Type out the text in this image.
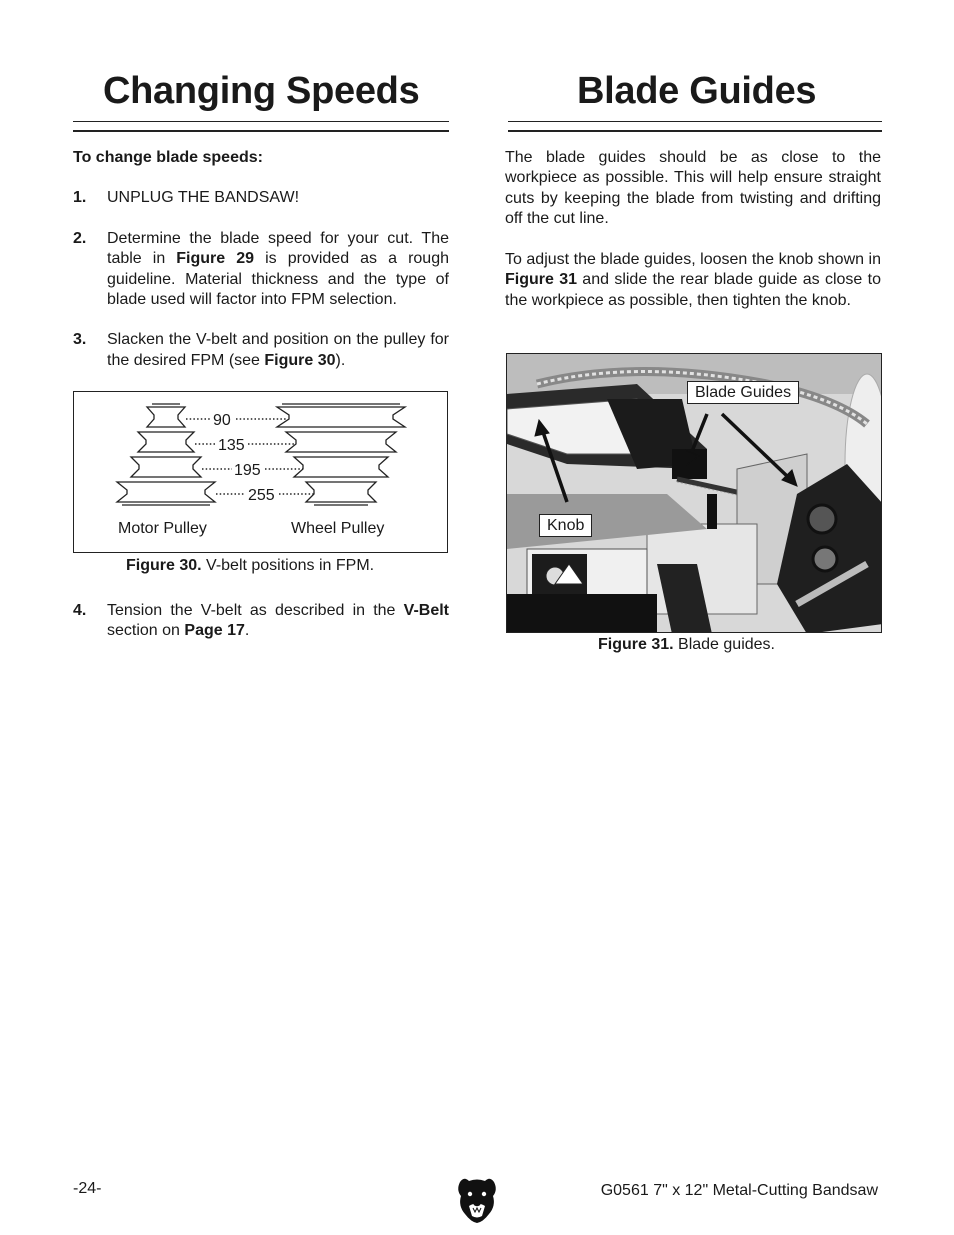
Changing Speeds
To change blade speeds:
1.	UNPLUG THE BANDSAW!
2.	Determine the blade speed for your cut. The table in Figure 29 is provided as a rough guideline. Material thickness and the type of blade used will factor into FPM selection.
3.	Slacken the V-belt and position on the pulley for the desired FPM (see Figure 30).
90
135
195
255
Motor Pulley	Wheel Pulley
Figure 30. V-belt positions in FPM.
4.	Tension the V-belt as described in the V-Belt section on Page 17.
Blade Guides

The blade guides should be as close to the workpiece as possible. This will help ensure straight cuts by keeping the blade from twisting and drifting off the cut line.

To adjust the blade guides, loosen the knob shown in Figure 31 and slide the rear blade guide as close to the workpiece as possible, then tighten the knob.

Blade Guides
Knob
Figure 31. Blade guides.
-24-	G0561 7" x 12" Metal-Cutting Bandsaw
